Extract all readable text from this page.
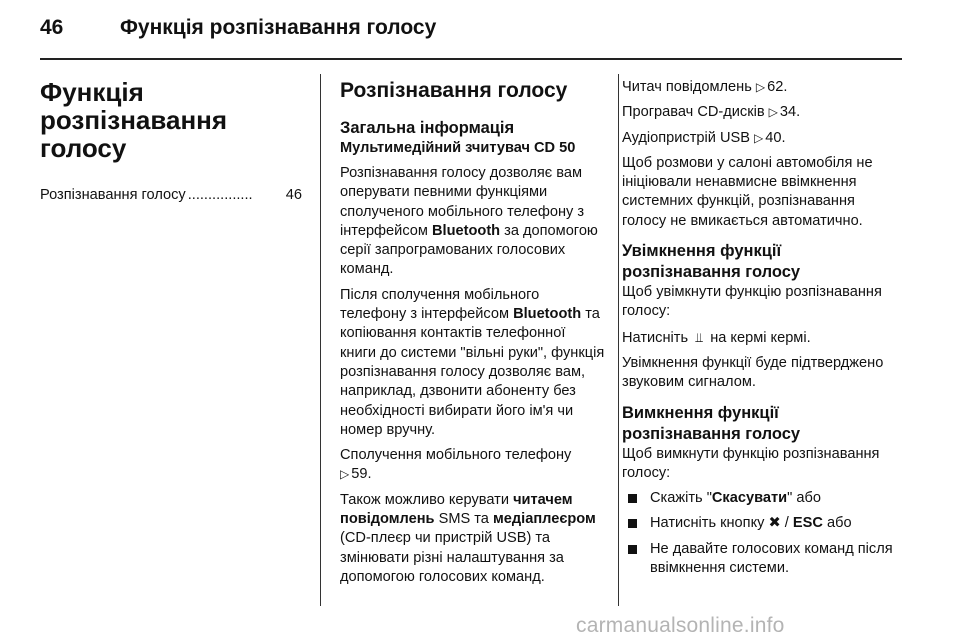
46	Функція розпізнавання голосу
Функція розпізнавання голосу
Розпізнавання голосу ................	46
Розпізнавання голосу
Загальна інформація
Мультимедійний зчитувач CD 50

Розпізнавання голосу дозволяє вам оперувати певними функціями сполученого мобільного телефону з інтерфейсом Bluetooth за допомогою серії запрограмованих голосових команд.

Після сполучення мобільного телефону з інтерфейсом Bluetooth та копіювання контактів телефонної книги до системи "вільні руки", функція розпізнавання голосу дозволяє вам, наприклад, дзвонити абоненту без необхідності вибирати його ім'я чи номер вручну.

Сполучення мобільного телефону
▷ 59.

Також можливо керувати читачем повідомлень SMS та медіаплеєром (CD-плеєр чи пристрій USB) та змінювати різні налаштування за допомогою голосових команд.

Читач повідомлень ▷ 62.

Програвач CD-дисків ▷ 34.

Аудіопристрій USB ▷ 40.

Щоб розмови у салоні автомобіля не ініціювали ненавмисне ввімкнення системних функцій, розпізнавання голосу не вмикається автоматично.

Увімкнення функції розпізнавання голосу

Щоб увімкнути функцію розпізнавання голосу:

Натисніть ⫫ на кермі кермі.

Увімкнення функції буде підтверджено звуковим сигналом.

Вимкнення функції розпізнавання голосу

Щоб вимкнути функцію розпізнавання голосу:

Скажіть "Скасувати" або
Натисніть кнопку ✖ / ESC або
Не давайте голосових команд після ввімкнення системи.
carmanualsonline.info
